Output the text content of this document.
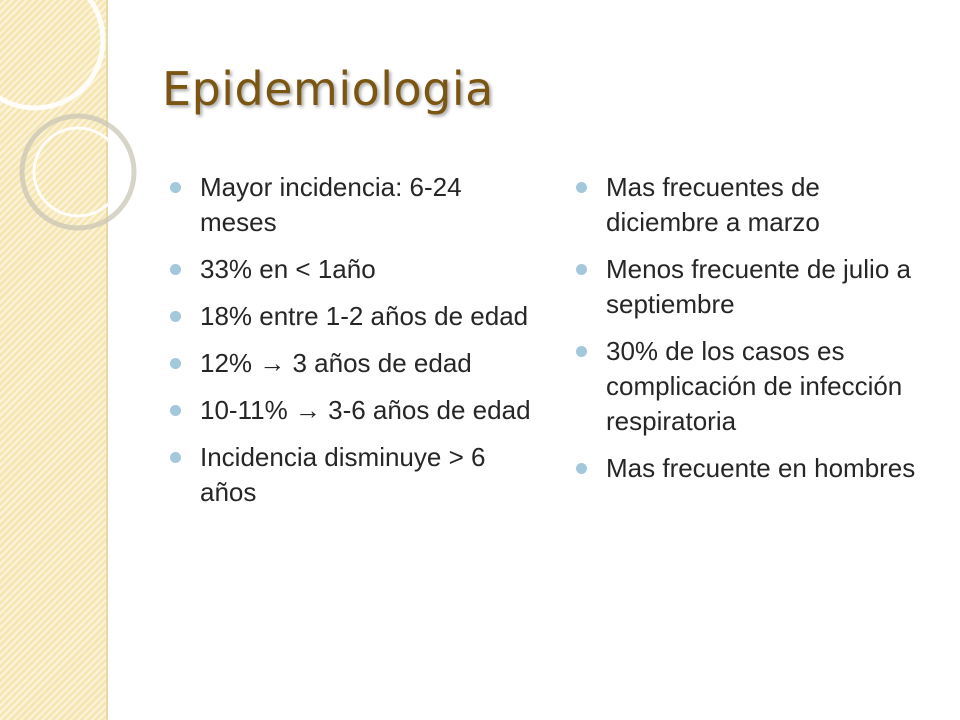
Epidemiologia
Mayor incidencia: 6-24 meses
33% en < 1año
18% entre 1-2 años de edad
12% → 3 años de edad
10-11% → 3-6 años de edad
Incidencia disminuye > 6 años
Mas frecuentes de diciembre a marzo
Menos frecuente de julio a septiembre
30% de los casos es complicación de infección respiratoria
Mas frecuente en hombres
